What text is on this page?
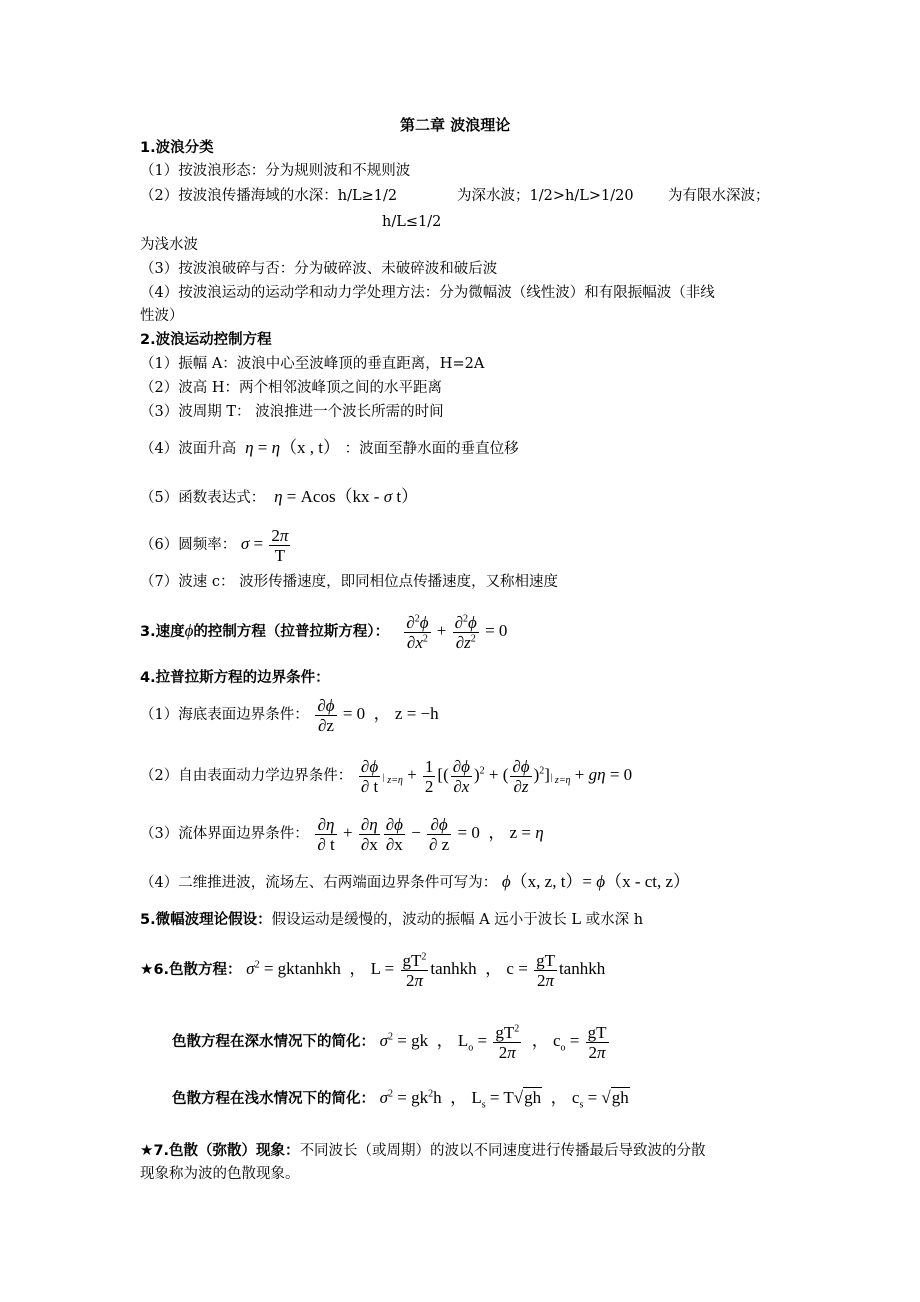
第二章 波浪理论
1.波浪分类
（1）按波浪形态：分为规则波和不规则波
（2）按波浪传播海域的水深：h/L≥1/2	为深水波；1/2>h/L>1/20 为有限水深波；
h/L≤1/2
为浅水波
（3）按波浪破碎与否：分为破碎波、未破碎波和破后波
（4）按波浪运动的运动学和动力学处理方法：分为微幅波（线性波）和有限振幅波（非线
性波）
2.波浪运动控制方程
（1）振幅 A：波浪中心至波峰顶的垂直距离，H=2A
（2）波高 H：两个相邻波峰顶之间的水平距离
（3）波周期 T： 波浪推进一个波长所需的时间
（4）波面升高 η = η（x , t） ：波面至静水面的垂直位移
（5）函数表达式： η = Acos（kx - σ t）
（6）圆频率： $\sigma = \frac{2\pi}{T}$
（7）波速 c： 波形传播速度，即同相位点传播速度，又称相速度
3.速度ϕ的控制方程（拉普拉斯方程）： $\frac{\partial^2\phi}{\partial x^2} + \frac{\partial^2\phi}{\partial z^2} = 0$
4.拉普拉斯方程的边界条件：
（1）海底表面边界条件： $\frac{\partial\phi}{\partial z} = 0$  ， z = −h
（2）自由表面动力学边界条件： $\frac{\partial\phi}{\partial t}$ | $_{z=\eta} + \frac{1}{2}$ [( $\frac{\partial\phi}{\partial x} )^2$ + ( $\frac{\partial\phi}{\partial z} )^2]|$ $_{z=\eta}$ + gη = 0
（3）流体界面边界条件： $\frac{\partial\eta}{\partial t} + \frac{\partial\eta}{\partial x} \frac{\partial\phi}{\partial x} - \frac{\partial\phi}{\partial z} = 0$  ， z = η
（4）二维推进波，流场左、右两端面边界条件可写为： ϕ（x, z, t）= ϕ（x - ct, z）
5.微幅波理论假设：假设运动是缓慢的，波动的振幅 A 远小于波长 L 或水深 h
★6.色散方程： $\sigma^2$ = gktanhkh  ， $L = \frac{gT^2}{2\pi}$ tanhkh  ， $c = \frac{gT}{2\pi}$ tanhkh
色散方程在深水情况下的简化： $\sigma^2$ = gk  ， $L_o = \frac{gT^2}{2\pi}$ ， $c_o = \frac{gT}{2\pi}$
色散方程在浅水情况下的简化： $\sigma^2 = gk^2h$  ， $L_s = T√gh$  ， $c_s = √gh$
★7.色散（弥散）现象：不同波长（或周期）的波以不同速度进行传播最后导致波的分散
现象称为波的色散现象。
